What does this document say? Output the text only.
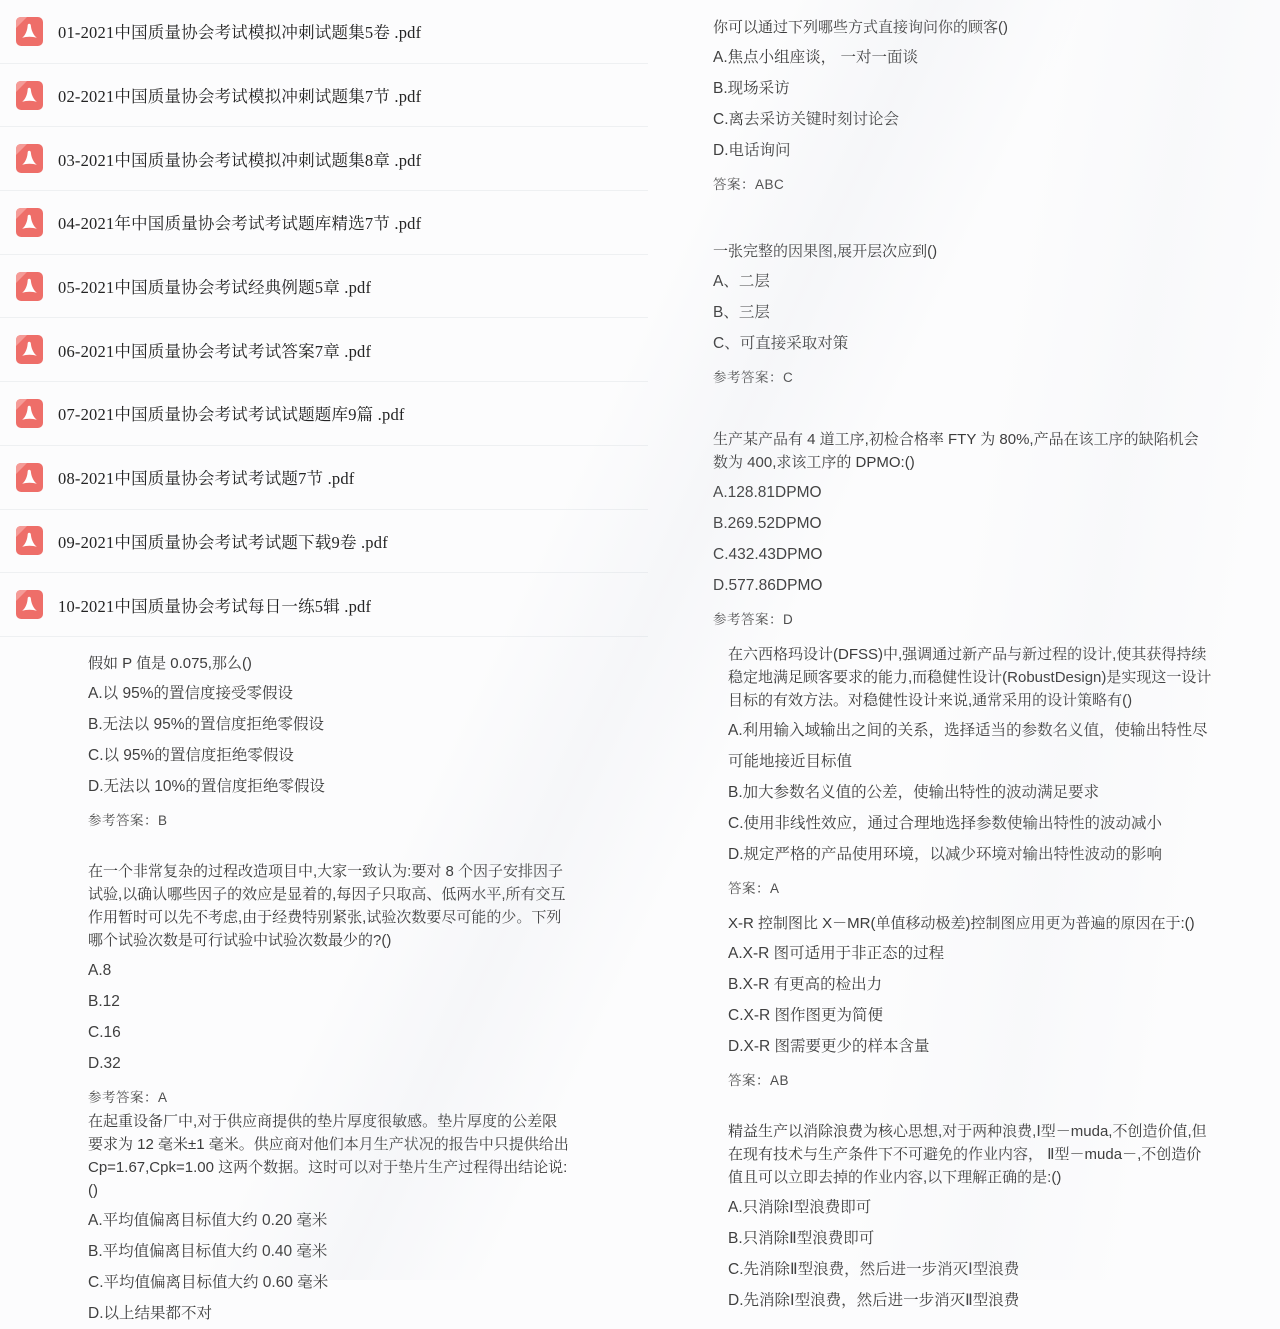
01-2021中国质量协会考试模拟冲刺试题集5卷 .pdf
02-2021中国质量协会考试模拟冲刺试题集7节 .pdf
03-2021中国质量协会考试模拟冲刺试题集8章 .pdf
04-2021年中国质量协会考试考试题库精选7节 .pdf
05-2021中国质量协会考试经典例题5章 .pdf
06-2021中国质量协会考试考试答案7章 .pdf
07-2021中国质量协会考试考试试题题库9篇 .pdf
08-2021中国质量协会考试考试题7节 .pdf
09-2021中国质量协会考试考试题下载9卷 .pdf
10-2021中国质量协会考试每日一练5辑 .pdf

假如 P 值是 0.075,那么()

A.以 95%的置信度接受零假设
B.无法以 95%的置信度拒绝零假设
C.以 95%的置信度拒绝零假设
D.无法以 10%的置信度拒绝零假设
参考答案：B

在一个非常复杂的过程改造项目中,大家一致认为:要对 8 个因子安排因子试验,以确认哪些因子的效应是显着的,每因子只取高、低两水平,所有交互作用暂时可以先不考虑,由于经费特别紧张,试验次数要尽可能的少。下列哪个试验次数是可行试验中试验次数最少的?()

A.8
B.12
C.16
D.32
参考答案：A

在起重设备厂中,对于供应商提供的垫片厚度很敏感。垫片厚度的公差限要求为 12 毫米±1 毫米。供应商对他们本月生产状况的报告中只提供给出 Cp=1.67,Cpk=1.00 这两个数据。这时可以对于垫片生产过程得出结论说:()

A.平均值偏离目标值大约 0.20 毫米
B.平均值偏离目标值大约 0.40 毫米
C.平均值偏离目标值大约 0.60 毫米
D.以上结果都不对

你可以通过下列哪些方式直接询问你的顾客()

A.焦点小组座谈， 一对一面谈
B.现场采访
C.离去采访关键时刻讨论会
D.电话询问
答案：ABC

一张完整的因果图,展开层次应到()

A、二层
B、三层
C、可直接采取对策
参考答案：C

生产某产品有 4 道工序,初检合格率 FTY 为 80%,产品在该工序的缺陷机会数为 400,求该工序的 DPMO:()

A.128.81DPMO
B.269.52DPMO
C.432.43DPMO
D.577.86DPMO
参考答案：D

在六西格玛设计(DFSS)中,强调通过新产品与新过程的设计,使其获得持续稳定地满足顾客要求的能力,而稳健性设计(RobustDesign)是实现这一设计目标的有效方法。对稳健性设计来说,通常采用的设计策略有()

A.利用输入域输出之间的关系，选择适当的参数名义值，使输出特性尽可能地接近目标值
B.加大参数名义值的公差，使输出特性的波动满足要求
C.使用非线性效应，通过合理地选择参数使输出特性的波动减小
D.规定严格的产品使用环境，以减少环境对输出特性波动的影响
答案：A

X-R 控制图比 X－MR(单值移动极差)控制图应用更为普遍的原因在于:()

A.X-R 图可适用于非正态的过程
B.X-R 有更高的检出力
C.X-R 图作图更为简便
D.X-R 图需要更少的样本含量
答案：AB

精益生产以消除浪费为核心思想,对于两种浪费,Ⅰ型－muda,不创造价值,但在现有技术与生产条件下不可避免的作业内容， Ⅱ型－muda－,不创造价值且可以立即去掉的作业内容,以下理解正确的是:()

A.只消除Ⅰ型浪费即可
B.只消除Ⅱ型浪费即可
C.先消除Ⅱ型浪费，然后进一步消灭Ⅰ型浪费
D.先消除Ⅰ型浪费，然后进一步消灭Ⅱ型浪费
